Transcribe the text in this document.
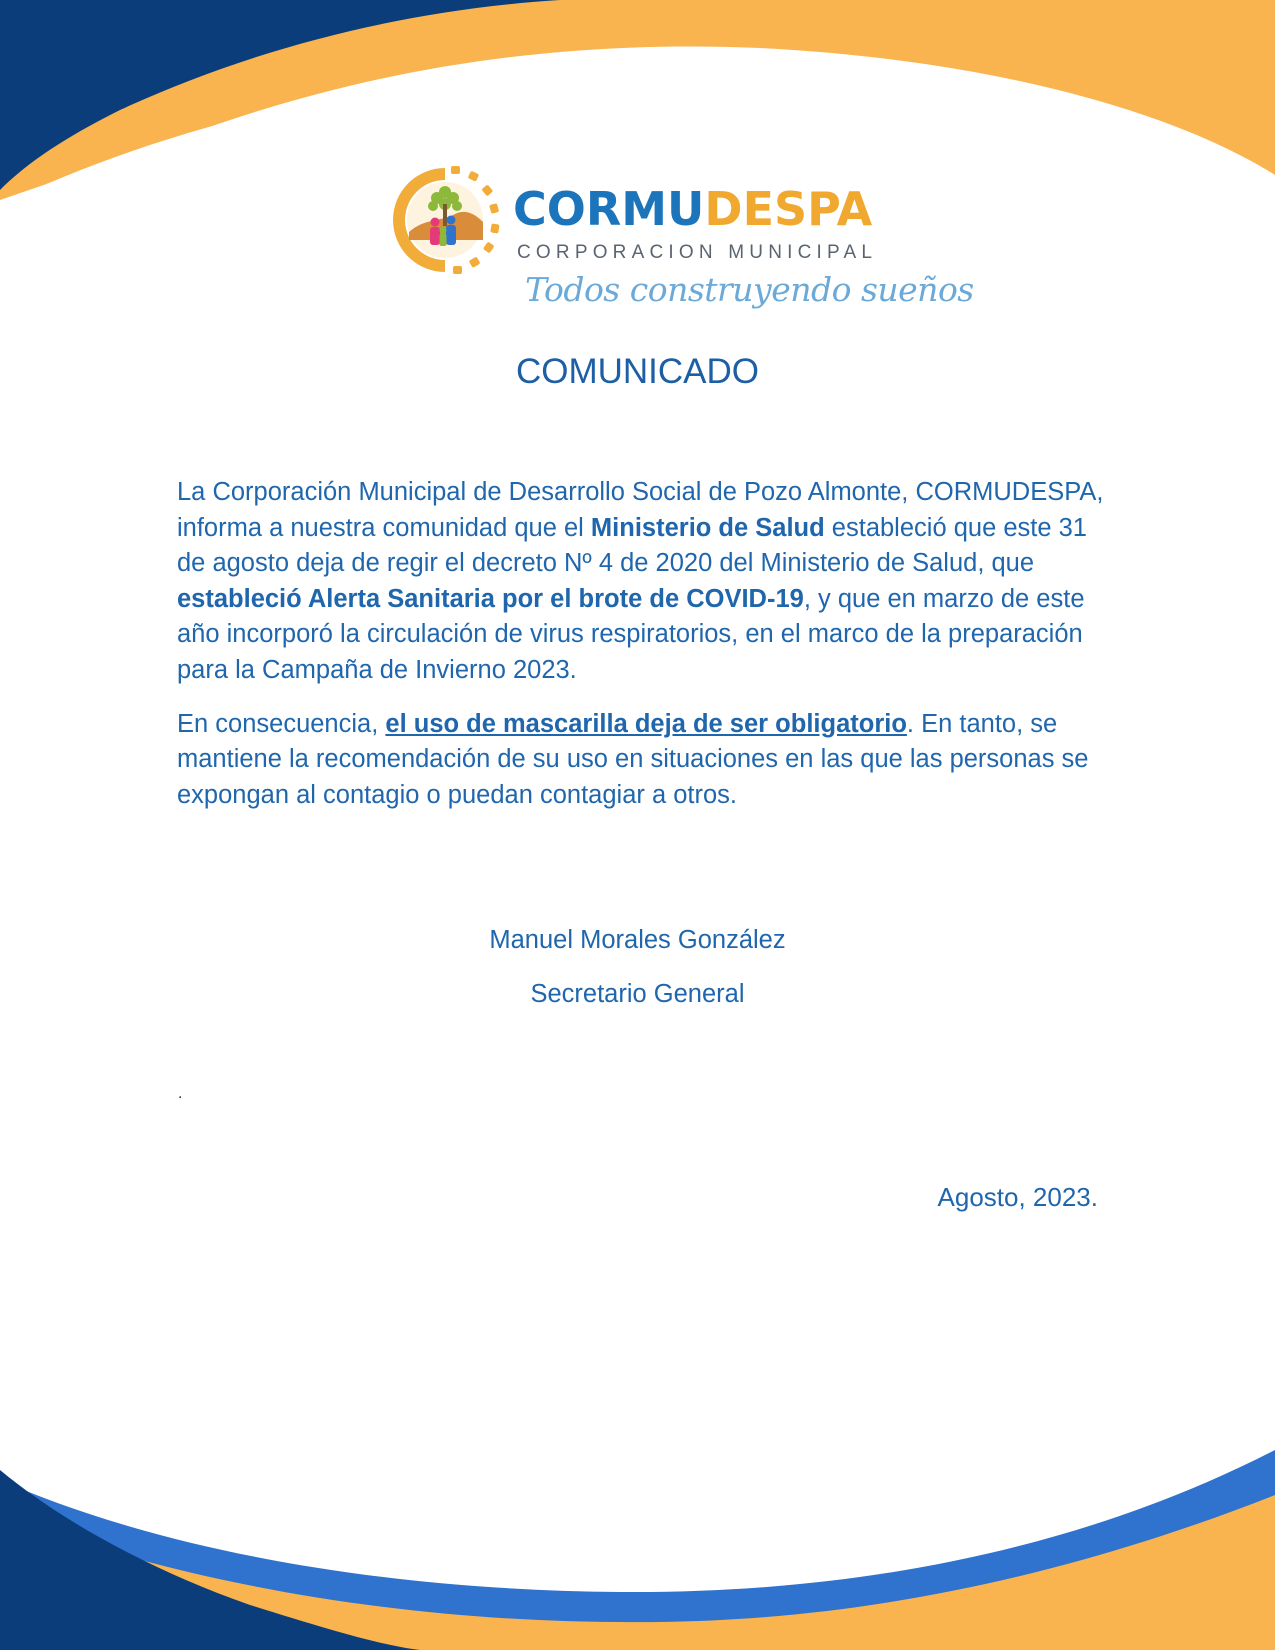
CORMUDESPA
CORPORACION MUNICIPAL
Todos construyendo sueños
COMUNICADO

La Corporación Municipal de Desarrollo Social de Pozo Almonte, CORMUDESPA, informa a nuestra comunidad que el Ministerio de Salud estableció que este 31 de agosto deja de regir el decreto Nº 4 de 2020 del Ministerio de Salud, que estableció Alerta Sanitaria por el brote de COVID-19, y que en marzo de este año incorporó la circulación de virus respiratorios, en el marco de la preparación para la Campaña de Invierno 2023.

En consecuencia, el uso de mascarilla deja de ser obligatorio. En tanto, se mantiene la recomendación de su uso en situaciones en las que las personas se expongan al contagio o puedan contagiar a otros.

Manuel Morales González
Secretario General
.
Agosto, 2023.
